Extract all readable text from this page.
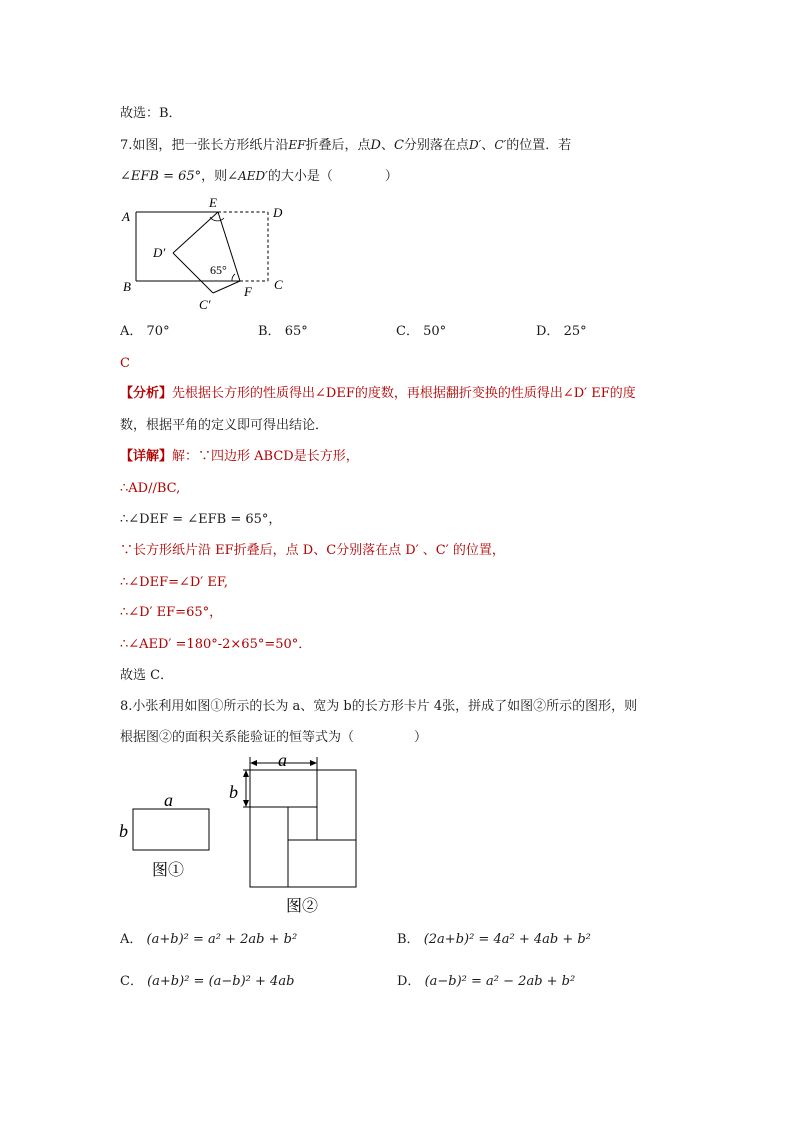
故选：B．
7.如图，把一张长方形纸片沿EF折叠后，点D、C分别落在点D′、C′的位置．若
∠EFB = 65°，则∠AED′的大小是（	）
A
E
D
D′
65°
B
C′
F C
A． 70°	B． 65°	C． 50°	D． 25°
C
【分析】先根据长方形的性质得出∠DEF的度数，再根据翻折变换的性质得出∠D′ EF的度
数，根据平角的定义即可得出结论．
【详解】解：∵四边形 ABCD是长方形，
∴AD//BC,
∴∠DEF = ∠EFB = 65°，
∵长方形纸片沿 EF折叠后，点 D、C分别落在点 D′ 、C′ 的位置，
∴∠DEF=∠D′ EF,
∴∠D′ EF=65°，
∴∠AED′ =180°-2×65°=50°．
故选 C．
8.小张利用如图①所示的长为 a、宽为 b的长方形卡片 4张，拼成了如图②所示的图形，则
根据图②的面积关系能验证的恒等式为（	）
a
b
图①
a
b
图②
A． (a+b)² = a² + 2ab + b²	B． (2a+b)² = 4a² + 4ab + b²
C． (a+b)² = (a−b)² + 4ab	D． (a−b)² = a² − 2ab + b²
